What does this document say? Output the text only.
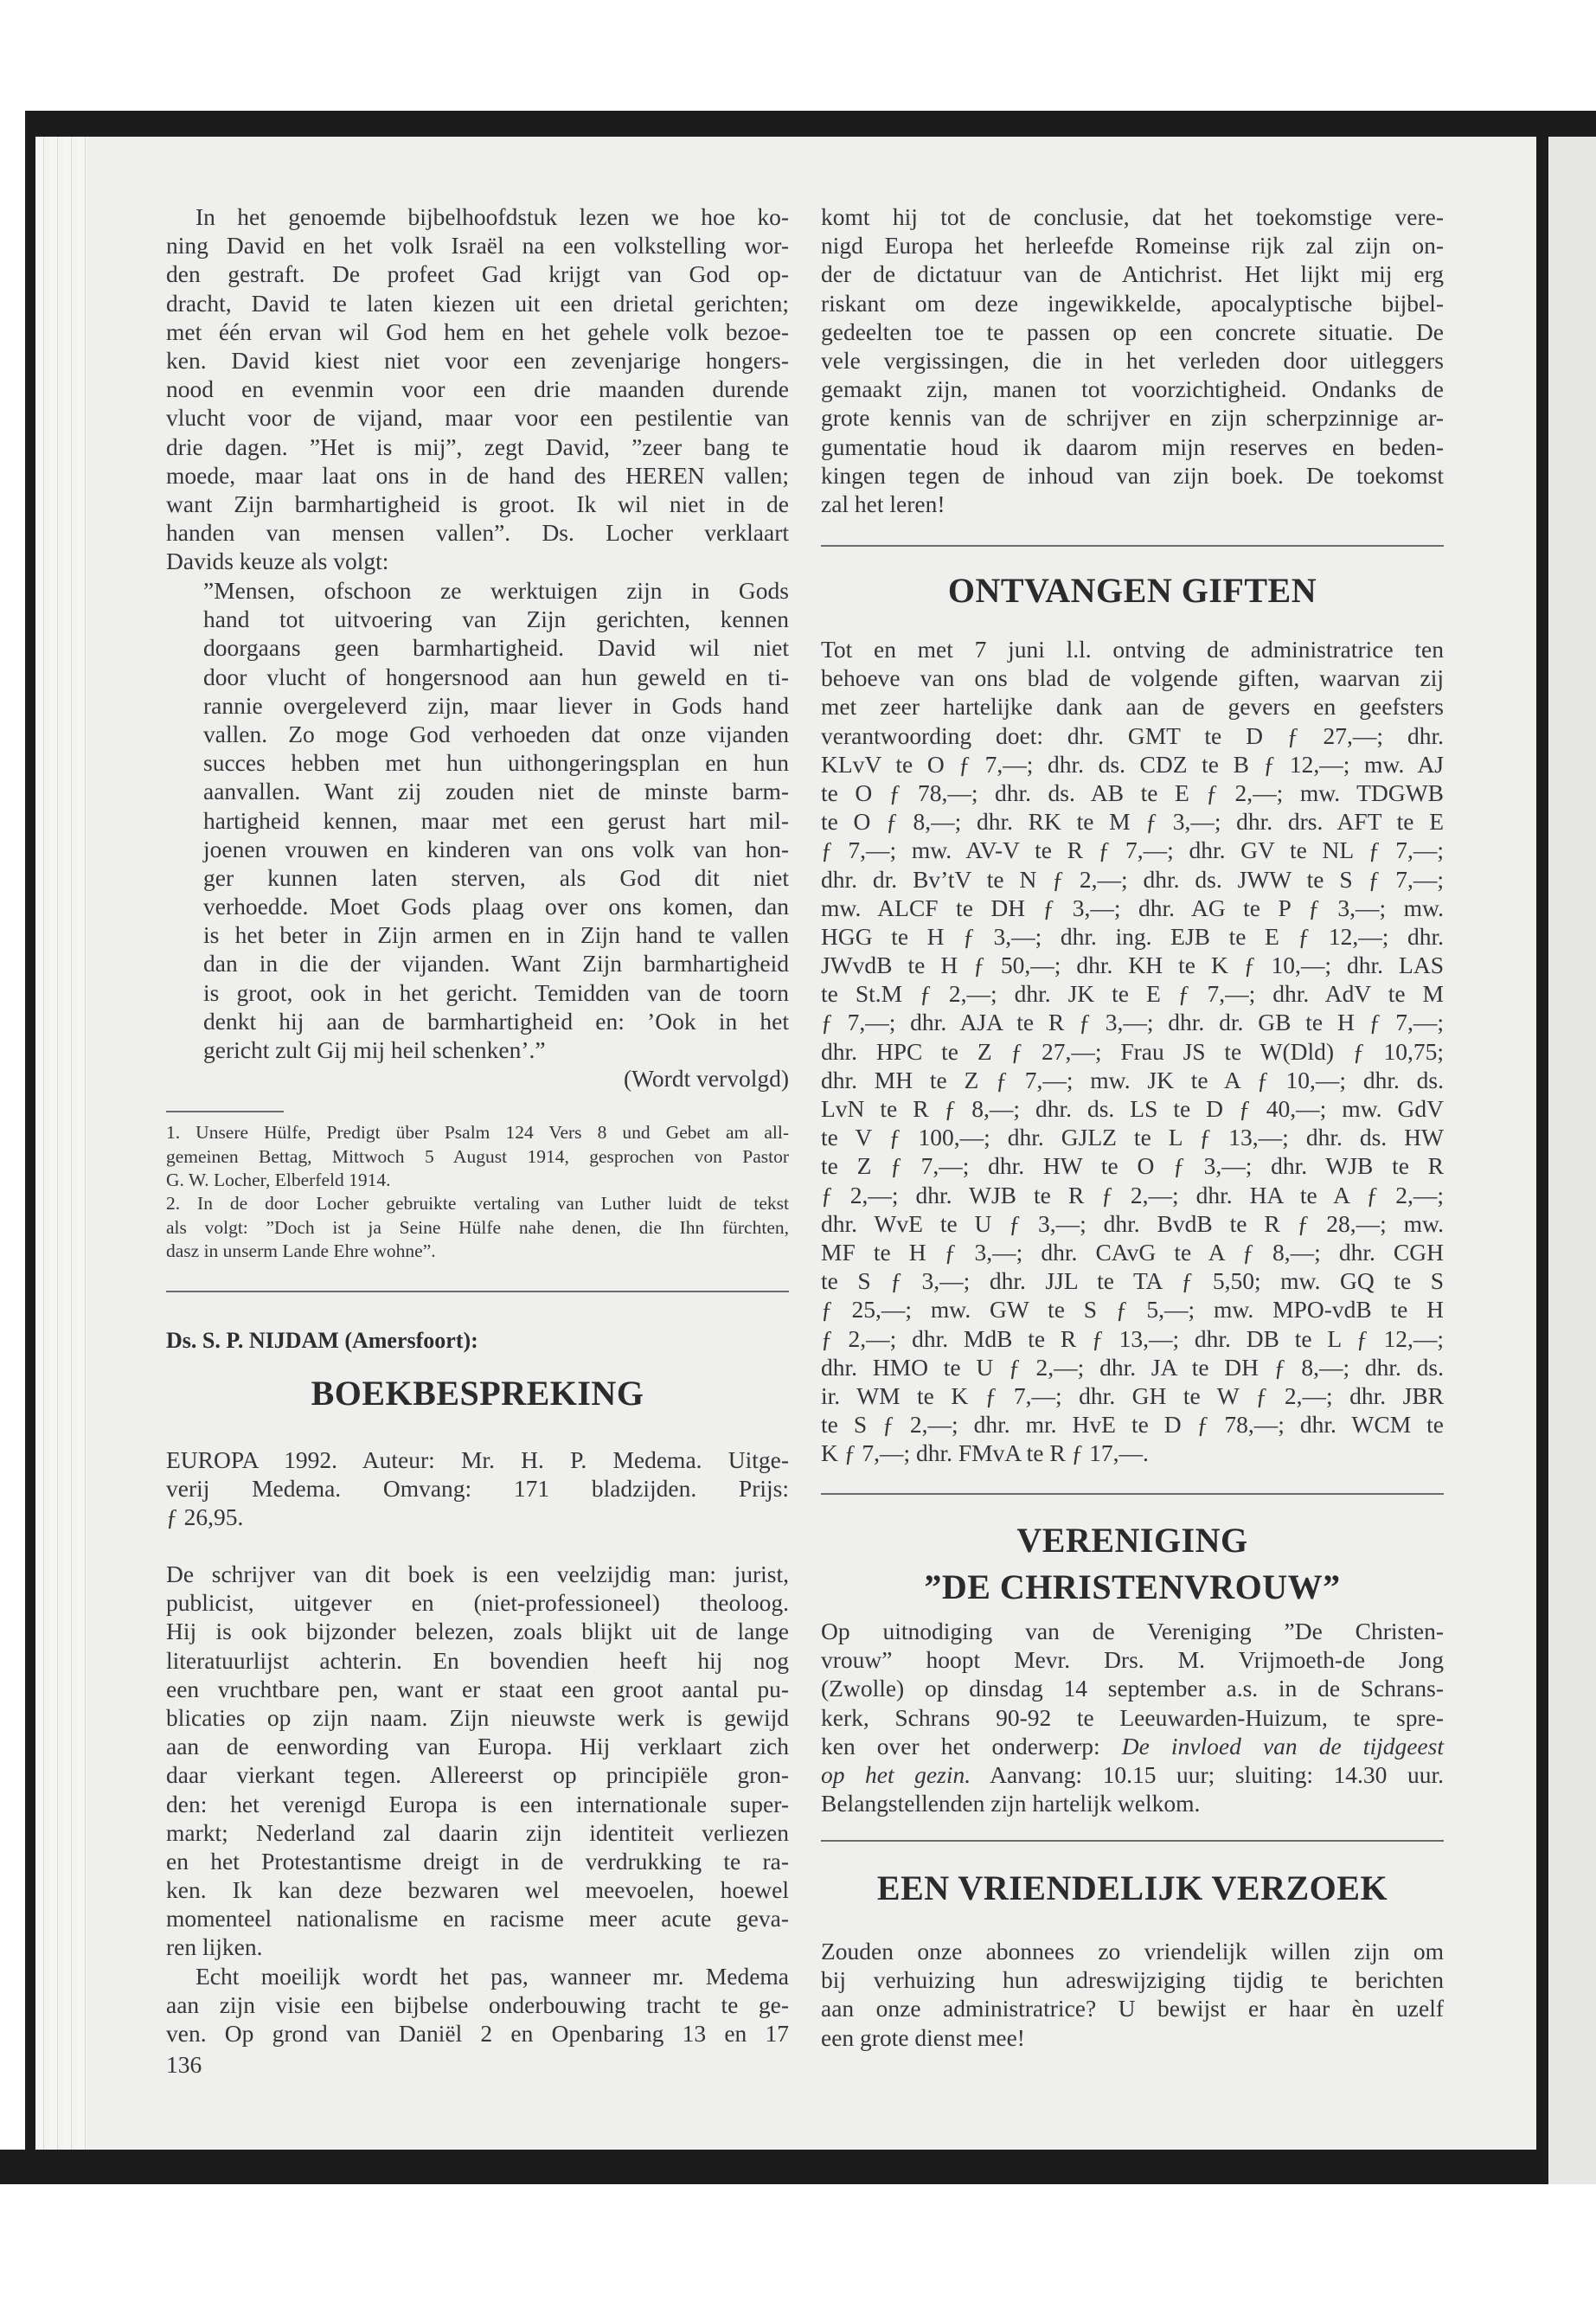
In het genoemde bijbelhoofdstuk lezen we hoe ko-
ning David en het volk Israël na een volkstelling wor-
den gestraft. De profeet Gad krijgt van God op-
dracht, David te laten kiezen uit een drietal gerichten;
met één ervan wil God hem en het gehele volk bezoe-
ken. David kiest niet voor een zevenjarige hongers-
nood en evenmin voor een drie maanden durende
vlucht voor de vijand, maar voor een pestilentie van
drie dagen. ”Het is mij”, zegt David, ”zeer bang te
moede, maar laat ons in de hand des HEREN vallen;
want Zijn barmhartigheid is groot. Ik wil niet in de
handen van mensen vallen”. Ds. Locher verklaart
Davids keuze als volgt:
”Mensen, ofschoon ze werktuigen zijn in Gods
hand tot uitvoering van Zijn gerichten, kennen
doorgaans geen barmhartigheid. David wil niet
door vlucht of hongersnood aan hun geweld en ti-
rannie overgeleverd zijn, maar liever in Gods hand
vallen. Zo moge God verhoeden dat onze vijanden
succes hebben met hun uithongeringsplan en hun
aanvallen. Want zij zouden niet de minste barm-
hartigheid kennen, maar met een gerust hart mil-
joenen vrouwen en kinderen van ons volk van hon-
ger kunnen laten sterven, als God dit niet
verhoedde. Moet Gods plaag over ons komen, dan
is het beter in Zijn armen en in Zijn hand te vallen
dan in die der vijanden. Want Zijn barmhartigheid
is groot, ook in het gericht. Temidden van de toorn
denkt hij aan de barmhartigheid en: ’Ook in het
gericht zult Gij mij heil schenken’.”
(Wordt vervolgd)
1. Unsere Hülfe, Predigt über Psalm 124 Vers 8 und Gebet am all-
gemeinen Bettag, Mittwoch 5 August 1914, gesprochen von Pastor
G. W. Locher, Elberfeld 1914.
2. In de door Locher gebruikte vertaling van Luther luidt de tekst
als volgt: ”Doch ist ja Seine Hülfe nahe denen, die Ihn fürchten,
dasz in unserm Lande Ehre wohne”.
Ds. S. P. NIJDAM (Amersfoort):
BOEKBESPREKING
EUROPA 1992. Auteur: Mr. H. P. Medema. Uitge-
verij Medema. Omvang: 171 bladzijden. Prijs:
ƒ 26,95.
De schrijver van dit boek is een veelzijdig man: jurist,
publicist, uitgever en (niet-professioneel) theoloog.
Hij is ook bijzonder belezen, zoals blijkt uit de lange
literatuurlijst achterin. En bovendien heeft hij nog
een vruchtbare pen, want er staat een groot aantal pu-
blicaties op zijn naam. Zijn nieuwste werk is gewijd
aan de eenwording van Europa. Hij verklaart zich
daar vierkant tegen. Allereerst op principiële gron-
den: het verenigd Europa is een internationale super-
markt; Nederland zal daarin zijn identiteit verliezen
en het Protestantisme dreigt in de verdrukking te ra-
ken. Ik kan deze bezwaren wel meevoelen, hoewel
momenteel nationalisme en racisme meer acute geva-
ren lijken.
Echt moeilijk wordt het pas, wanneer mr. Medema
aan zijn visie een bijbelse onderbouwing tracht te ge-
ven. Op grond van Daniël 2 en Openbaring 13 en 17
136
komt hij tot de conclusie, dat het toekomstige vere-
nigd Europa het herleefde Romeinse rijk zal zijn on-
der de dictatuur van de Antichrist. Het lijkt mij erg
riskant om deze ingewikkelde, apocalyptische bijbel-
gedeelten toe te passen op een concrete situatie. De
vele vergissingen, die in het verleden door uitleggers
gemaakt zijn, manen tot voorzichtigheid. Ondanks de
grote kennis van de schrijver en zijn scherpzinnige ar-
gumentatie houd ik daarom mijn reserves en beden-
kingen tegen de inhoud van zijn boek. De toekomst
zal het leren!
ONTVANGEN GIFTEN
Tot en met 7 juni l.l. ontving de administratrice ten
behoeve van ons blad de volgende giften, waarvan zij
met zeer hartelijke dank aan de gevers en geefsters
verantwoording doet: dhr. GMT te D ƒ 27,—; dhr.
KLvV te O ƒ 7,—; dhr. ds. CDZ te B ƒ 12,—; mw. AJ
te O ƒ 78,—; dhr. ds. AB te E ƒ 2,—; mw. TDGWB
te O ƒ 8,—; dhr. RK te M ƒ 3,—; dhr. drs. AFT te E
ƒ 7,—; mw. AV-V te R ƒ 7,—; dhr. GV te NL ƒ 7,—;
dhr. dr. Bv’tV te N ƒ 2,—; dhr. ds. JWW te S ƒ 7,—;
mw. ALCF te DH ƒ 3,—; dhr. AG te P ƒ 3,—; mw.
HGG te H ƒ 3,—; dhr. ing. EJB te E ƒ 12,—; dhr.
JWvdB te H ƒ 50,—; dhr. KH te K ƒ 10,—; dhr. LAS
te St.M ƒ 2,—; dhr. JK te E ƒ 7,—; dhr. AdV te M
ƒ 7,—; dhr. AJA te R ƒ 3,—; dhr. dr. GB te H ƒ 7,—;
dhr. HPC te Z ƒ 27,—; Frau JS te W(Dld) ƒ 10,75;
dhr. MH te Z ƒ 7,—; mw. JK te A ƒ 10,—; dhr. ds.
LvN te R ƒ 8,—; dhr. ds. LS te D ƒ 40,—; mw. GdV
te V ƒ 100,—; dhr. GJLZ te L ƒ 13,—; dhr. ds. HW
te Z ƒ 7,—; dhr. HW te O ƒ 3,—; dhr. WJB te R
ƒ 2,—; dhr. WJB te R ƒ 2,—; dhr. HA te A ƒ 2,—;
dhr. WvE te U ƒ 3,—; dhr. BvdB te R ƒ 28,—; mw.
MF te H ƒ 3,—; dhr. CAvG te A ƒ 8,—; dhr. CGH
te S ƒ 3,—; dhr. JJL te TA ƒ 5,50; mw. GQ te S
ƒ 25,—; mw. GW te S ƒ 5,—; mw. MPO-vdB te H
ƒ 2,—; dhr. MdB te R ƒ 13,—; dhr. DB te L ƒ 12,—;
dhr. HMO te U ƒ 2,—; dhr. JA te DH ƒ 8,—; dhr. ds.
ir. WM te K ƒ 7,—; dhr. GH te W ƒ 2,—; dhr. JBR
te S ƒ 2,—; dhr. mr. HvE te D ƒ 78,—; dhr. WCM te
K ƒ 7,—; dhr. FMvA te R ƒ 17,—.
VERENIGING
”DE CHRISTENVROUW”
Op uitnodiging van de Vereniging ”De Christen-
vrouw” hoopt Mevr. Drs. M. Vrijmoeth-de Jong
(Zwolle) op dinsdag 14 september a.s. in de Schrans-
kerk, Schrans 90-92 te Leeuwarden-Huizum, te spre-
ken over het onderwerp: De invloed van de tijdgeest
op het gezin. Aanvang: 10.15 uur; sluiting: 14.30 uur.
Belangstellenden zijn hartelijk welkom.
EEN VRIENDELIJK VERZOEK
Zouden onze abonnees zo vriendelijk willen zijn om
bij verhuizing hun adreswijziging tijdig te berichten
aan onze administratrice? U bewijst er haar èn uzelf
een grote dienst mee!
